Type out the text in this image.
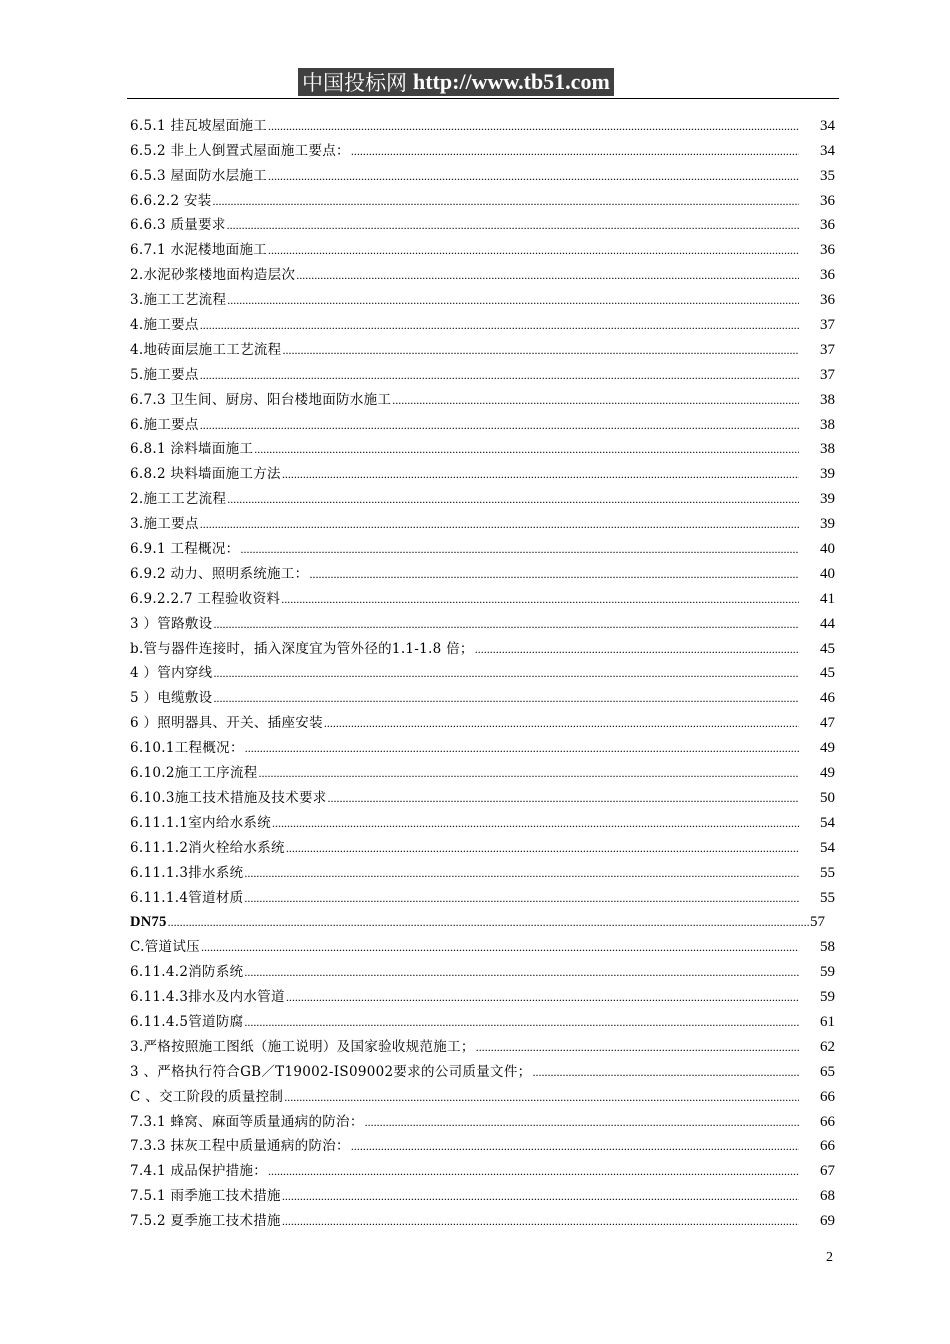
中国投标网 http://www.tb51.com
6.5.1 挂瓦坡屋面施工 .....	34
6.5.2 非上人倒置式屋面施工要点： .....	34
6.5.3 屋面防水层施工 .....	35
6.6.2.2 安装 .....	36
6.6.3 质量要求 .....	36
6.7.1 水泥楼地面施工 .....	36
2.水泥砂浆楼地面构造层次 .....	36
3.施工工艺流程 .....	36
4.施工要点 .....	37
4.地砖面层施工工艺流程 .....	37
5.施工要点 .....	37
6.7.3 卫生间、厨房、阳台楼地面防水施工 .....	38
6.施工要点 .....	38
6.8.1 涂料墙面施工 .....	38
6.8.2 块料墙面施工方法 .....	39
2.施工工艺流程 .....	39
3.施工要点 .....	39
6.9.1 工程概况： .....	40
6.9.2 动力、照明系统施工： .....	40
6.9.2.2.7 工程验收资料 .....	41
3 ）管路敷设 .....	44
b.管与器件连接时，插入深度宜为管外径的1.1-1.8 倍； .....	45
4 ）管内穿线 .....	45
5 ）电缆敷设 .....	46
6 ）照明器具、开关、插座安装 .....	47
6.10.1工程概况： .....	49
6.10.2施工工序流程 .....	49
6.10.3施工技术措施及技术要求 .....	50
6.11.1.1室内给水系统 .....	54
6.11.1.2消火栓给水系统 .....	54
6.11.1.3排水系统 .....	55
6.11.1.4管道材质 .....	55
DN75 .....	57
C.管道试压 .....	58
6.11.4.2消防系统 .....	59
6.11.4.3排水及内水管道 .....	59
6.11.4.5管道防腐 .....	61
3.严格按照施工图纸（施工说明）及国家验收规范施工； .....	62
3 、严格执行符合GB／T19002-IS09002要求的公司质量文件； .....	65
C 、交工阶段的质量控制 .....	66
7.3.1 蜂窝、麻面等质量通病的防治： .....	66
7.3.3 抹灰工程中质量通病的防治： .....	66
7.4.1 成品保护措施： .....	67
7.5.1 雨季施工技术措施 .....	68
7.5.2 夏季施工技术措施 .....	69
2
